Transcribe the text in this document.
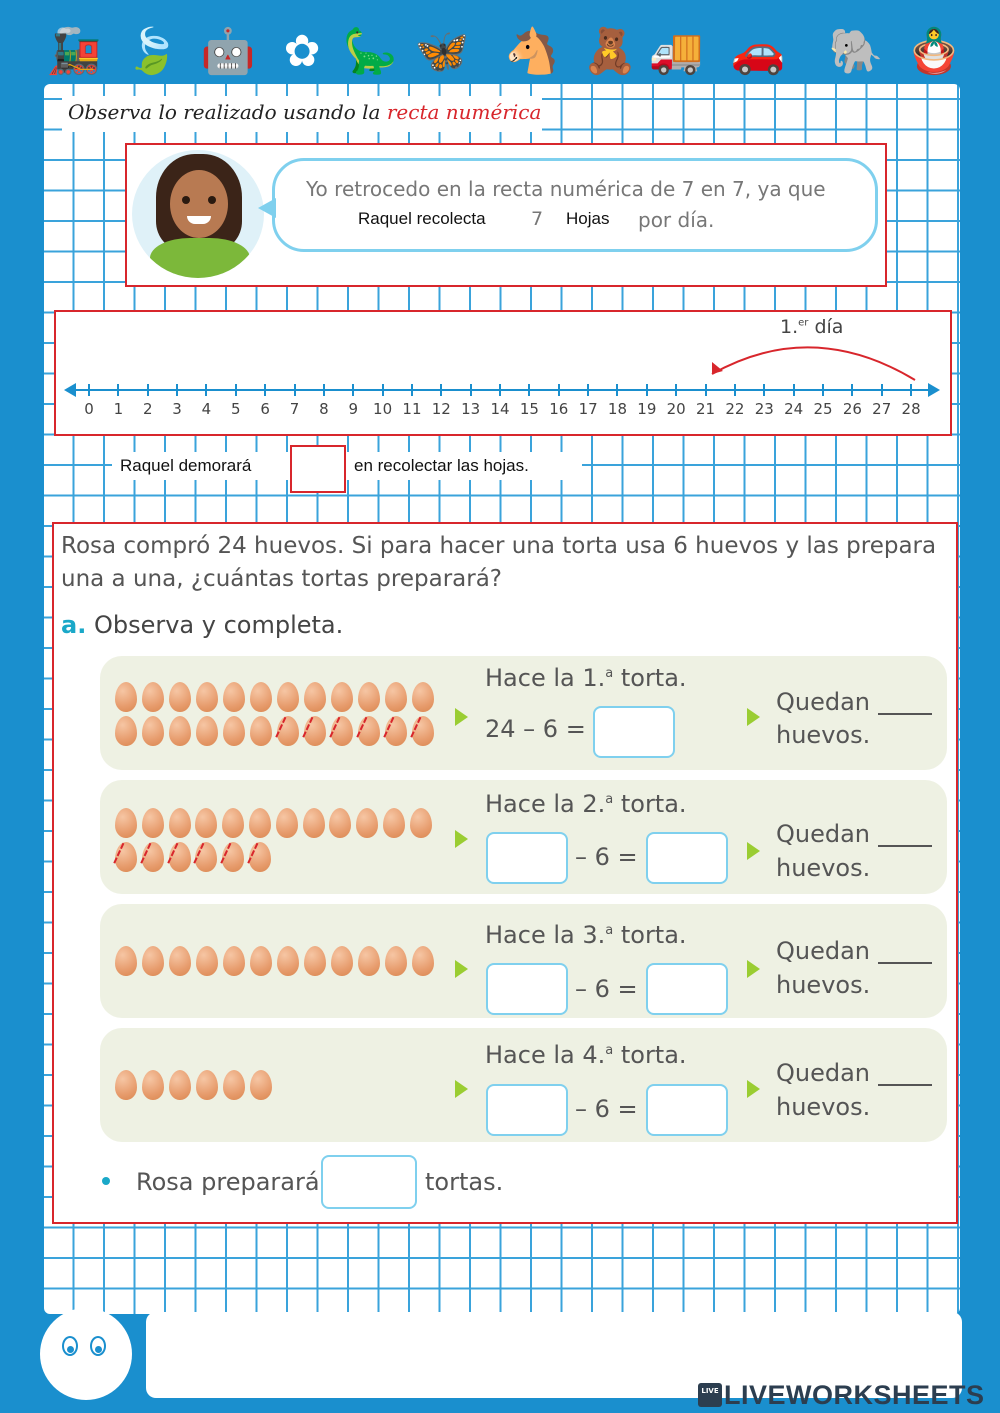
🚂 🍃 🤖 ✿ 🦕 🦋 🐴 🧸 🚚 🚗 🐘 🪆
Observa lo realizado usando la recta numérica
Yo retrocedo en la recta numérica de 7 en 7, ya que
Raquel recolecta 7 Hojas por día.
0	1	2	3	4	5	6	7	8	9	10 11 12 13 14 15 16 17 18 19 20 21 22 23 24 25 26 27 28
1.$^{er}$ día
Raquel demorará	en recolectar las hojas.
Rosa compró 24 huevos. Si para hacer una torta usa 6 huevos y las prepara
una a una, ¿cuántas tortas preparará?
a. Observa y completa.
Hace la 1.$^a$ torta.
24 – 6 =
Quedan
huevos.
Hace la 2.$^a$ torta.
– 6 =
Quedan
huevos.
Hace la 3.$^a$ torta.
– 6 =
Quedan
huevos.
Hace la 4.$^a$ torta.
– 6 =
Quedan
huevos.
Rosa preparará	tortas.
LIVE LIVEWORKSHEETS
